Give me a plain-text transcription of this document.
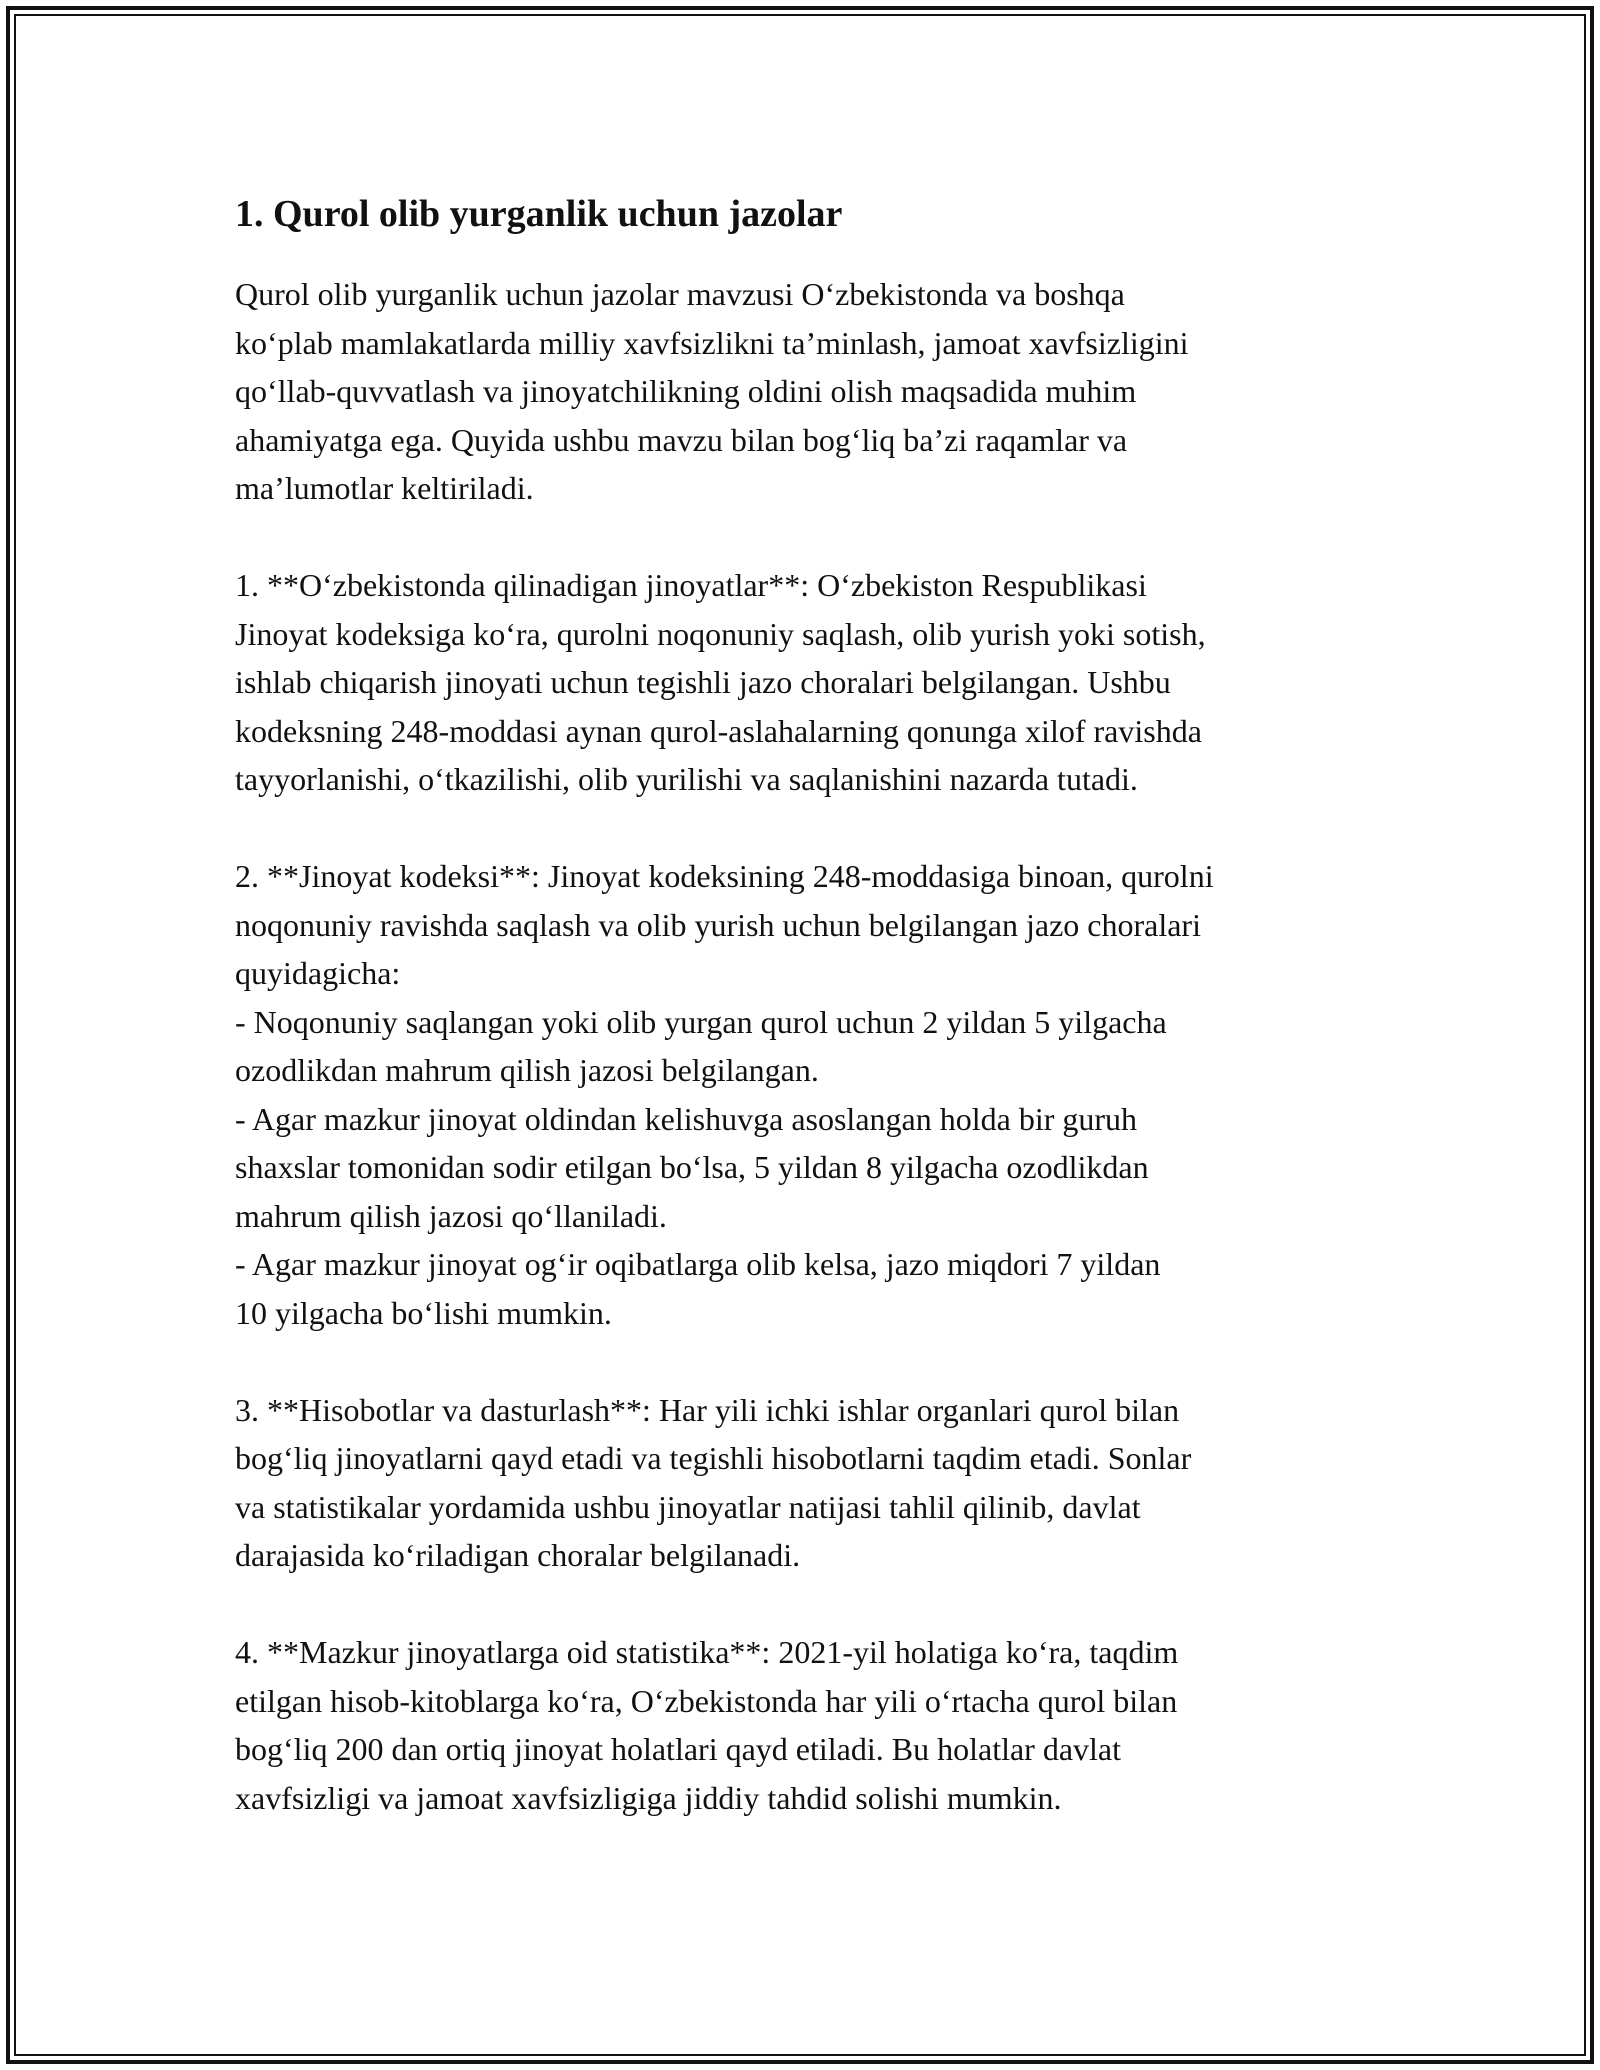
1. Qurol olib yurganlik uchun jazolar

Qurol olib yurganlik uchun jazolar mavzusi O‘zbekistonda va boshqa
ko‘plab mamlakatlarda milliy xavfsizlikni ta’minlash, jamoat xavfsizligini
qo‘llab-quvvatlash va jinoyatchilikning oldini olish maqsadida muhim
ahamiyatga ega. Quyida ushbu mavzu bilan bog‘liq ba’zi raqamlar va
ma’lumotlar keltiriladi.

1. **O‘zbekistonda qilinadigan jinoyatlar**: O‘zbekiston Respublikasi
Jinoyat kodeksiga ko‘ra, qurolni noqonuniy saqlash, olib yurish yoki sotish,
ishlab chiqarish jinoyati uchun tegishli jazo choralari belgilangan. Ushbu
kodeksning 248-moddasi aynan qurol-aslahalarning qonunga xilof ravishda
tayyorlanishi, o‘tkazilishi, olib yurilishi va saqlanishini nazarda tutadi.

2. **Jinoyat kodeksi**: Jinoyat kodeksining 248-moddasiga binoan, qurolni
noqonuniy ravishda saqlash va olib yurish uchun belgilangan jazo choralari
quyidagicha:
- Noqonuniy saqlangan yoki olib yurgan qurol uchun 2 yildan 5 yilgacha
ozodlikdan mahrum qilish jazosi belgilangan.
- Agar mazkur jinoyat oldindan kelishuvga asoslangan holda bir guruh
shaxslar tomonidan sodir etilgan bo‘lsa, 5 yildan 8 yilgacha ozodlikdan
mahrum qilish jazosi qo‘llaniladi.
- Agar mazkur jinoyat og‘ir oqibatlarga olib kelsa, jazo miqdori 7 yildan
10 yilgacha bo‘lishi mumkin.

3. **Hisobotlar va dasturlash**: Har yili ichki ishlar organlari qurol bilan
bog‘liq jinoyatlarni qayd etadi va tegishli hisobotlarni taqdim etadi. Sonlar
va statistikalar yordamida ushbu jinoyatlar natijasi tahlil qilinib, davlat
darajasida ko‘riladigan choralar belgilanadi.

4. **Mazkur jinoyatlarga oid statistika**: 2021-yil holatiga ko‘ra, taqdim
etilgan hisob-kitoblarga ko‘ra, O‘zbekistonda har yili o‘rtacha qurol bilan
bog‘liq 200 dan ortiq jinoyat holatlari qayd etiladi. Bu holatlar davlat
xavfsizligi va jamoat xavfsizligiga jiddiy tahdid solishi mumkin.
